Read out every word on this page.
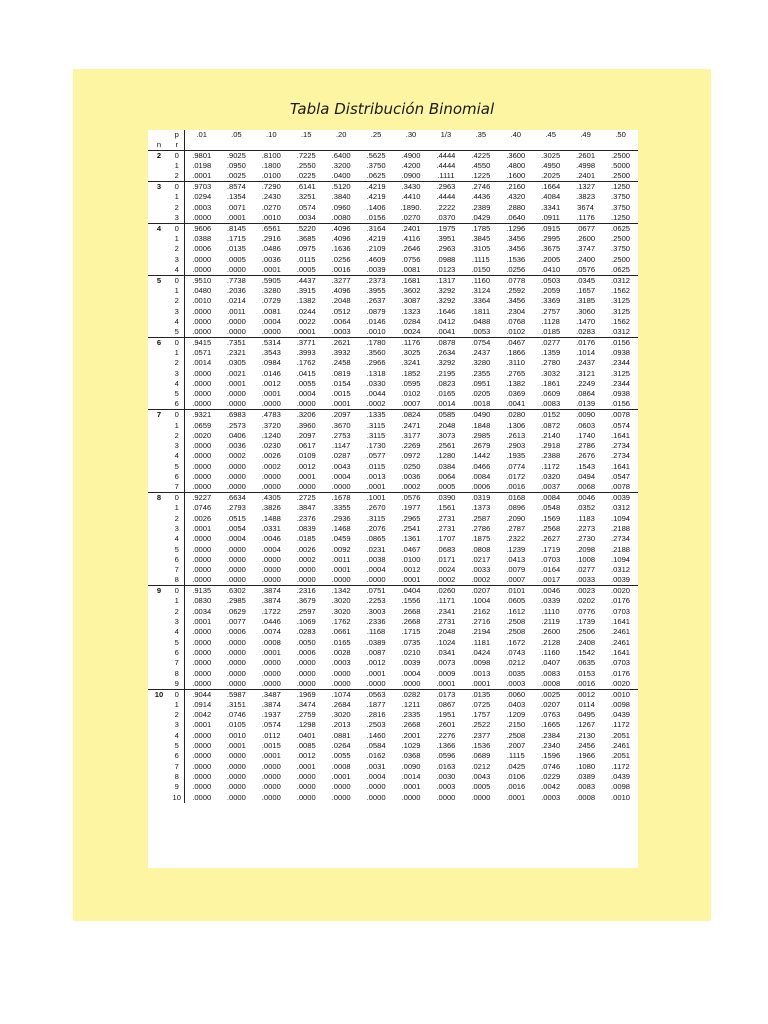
Tabla Distribución Binomial
	p	.01	.05	.10	.15	.20	.25	.30	1/3	.35	.40	.45	.49	.50
n	r													
2	0	.9801	.9025	.8100	.7225	.6400	.5625	.4900	.4444	.4225	.3600	.3025	.2601	.2500
	1	.0198	.0950	.1800	.2550	.3200	.3750	.4200	.4444	.4550	.4800	.4950	.4998	.5000
	2	.0001	.0025	.0100	.0225	.0400	.0625	.0900	.1111	.1225	.1600	.2025	.2401	.2500
3	0	.9703	.8574	.7290	.6141	.5120	.4219	.3430	.2963	.2746	.2160	.1664	.1327	.1250
	1	.0294	.1354	.2430	.3251	.3840	.4219	.4410	.4444	.4436	.4320	.4084	.3823	.3750
	2	.0003	.0071	.0270	.0574	.0960	.1406	.1890.	.2222	.2389	.2880	.3341	3674	.3750
	3	.0000	.0001	.0010	.0034	.0080	.0156	.0270	.0370	.0429	.0640	.0911	.1176	.1250
4	0	.9606	.8145	.6561	.5220	.4096	.3164	.2401	.1975	.1785	.1296	.0915	.0677	.0625
	1	.0388	.1715	.2916	.3685	.4096	.4219	.4116	.3951	.3845	.3456	.2995	.2600	.2500
	2	.0006	.0135	.0486	.0975	.1636	.2109	.2646	.2963	.3105	.3456	.3675	.3747	.3750
	3	.0000	.0005	.0036	.0115	.0256	.4609	.0756	.0988	.1115	.1536	.2005	.2400	.2500
	4	.0000	.0000	.0001	.0005	.0016	.0039	.0081	.0123	.0150	.0256	.0410	.0576	.0625
5	0	.9510	.7738	.5905	.4437	.3277	.2373	.1681	.1317	.1160	.0778	.0503	.0345	.0312
	1	.0480	.2036	.3280	.3915	.4096	.3955	.3602	.3292	.3124	.2592	.2059	.1657	.1562
	2	.0010	.0214	.0729	.1382	.2048	.2637	.3087	.3292	.3364	.3456	.3369	.3185	.3125
	3	.0000	.0011	.0081	.0244	.0512	.0879	.1323	.1646	.1811	.2304	.2757	.3060	.3125
	4	.0000	.0000	.0004	.0022	.0064	.0146	.0284	.0412	.0488	.0768	.1128	.1470	.1562
	5	.0000	.0000	.0000	.0001	.0003	.0010	.0024	.0041	.0053	.0102	.0185	.0283	.0312
6	0	.9415	.7351	.5314	.3771	.2621	.1780	.1176	.0878	.0754	.0467	.0277	.0176	.0156
	1	.0571	.2321	.3543	.3993	.3932	.3560	.3025	.2634	.2437	.1866	.1359	.1014	.0938
	2	.0014	.0305	.0984	.1762	.2458	.2966	.3241	.3292	.3280	.3110	.2780	.2437	.2344
	3	.0000	.0021	.0146	.0415	.0819	.1318	.1852	.2195	.2355	.2765	.3032	.3121	.3125
	4	.0000	.0001	.0012	.0055	.0154	.0330	.0595	.0823	.0951	.1382	.1861	.2249	.2344
	5	.0000	.0000	.0001	.0004	.0015	.0044	.0102	.0165	.0205	.0369	.0609	.0864	.0938
	6	.0000	.0000	.0000	.0000	.0001	.0002	.0007	.0014	.0018	.0041	.0083	.0139	.0156
7	0	.9321	.6983	.4783	.3206	.2097	.1335	.0824	.0585	.0490	.0280	.0152	.0090	.0078
	1	.0659	.2573	.3720	.3960	.3670	.3115	.2471	.2048	.1848	.1306	.0872	.0603	.0574
	2	.0020	.0406	.1240	.2097	.2753	.3115	.3177	.3073	.2985	.2613	.2140	.1740	.1641
	3	.0000	.0036	.0230	.0617	.1147	.1730	.2269	.2561	.2679	.2903	.2918	.2786	.2734
	4	.0000	.0002	.0026	.0109	.0287	.0577	.0972	.1280	.1442	.1935	.2388	.2676	.2734
	5	.0000	.0000	.0002	.0012	.0043	.0115	.0250	.0384	.0466	.0774	.1172	.1543	.1641
	6	.0000	.0000	.0000	.0001	.0004	.0013	.0036	.0064	.0084	.0172	.0320	.0494	.0547
	7	.0000	.0000	.0000	.0000	.0000	.0001	.0002	.0005	.0006	.0016	.0037	.0068	.0078
8	0	.9227	.6634	.4305	.2725	.1678	.1001	.0576	.0390	.0319	.0168	.0084	.0046	.0039
	1	.0746	.2793	.3826	.3847	.3355	.2670	.1977	.1561	.1373	.0896	.0548	.0352	.0312
	2	.0026	.0515	.1488	.2376	.2936	.3115	.2965	.2731	.2587	.2090	.1569	.1183	.1094
	3	.0001	.0054	.0331	.0839	.1468	.2076	.2541	.2731	.2786	.2787	.2568	.2273	.2188
	4	.0000	.0004	.0046	.0185	.0459	.0865	.1361	.1707	.1875	.2322	.2627	.2730	.2734
	5	.0000	.0000	.0004	.0026	.0092	.0231	.0467	.0683	.0808	.1239	.1719	.2098	.2188
	6	.0000	.0000	.0000	.0002	.0011	.0038	.0100	.0171	.0217	.0413	.0703	.1008	.1094
	7	.0000	.0000	.0000	.0000	.0001	.0004	.0012	.0024	.0033	.0079	.0164	.0277	.0312
	8	.0000	.0000	.0000	.0000	.0000	.0000	.0001	.0002	.0002	.0007	.0017	.0033	.0039
9	0	.9135	.6302	.3874	.2316	.1342	.0751	.0404	.0260	.0207	.0101	.0046	.0023	.0020
	1	.0830	.2985	.3874	.3679	.3020	.2253	.1556	.1171	.1004	.0605	.0339	.0202	.0176
	2	.0034	.0629	.1722	.2597	.3020	.3003	.2668	.2341	.2162	.1612	.1110	.0776	.0703
	3	.0001	.0077	.0446	.1069	.1762	.2336	.2668	.2731	.2716	.2508	.2119	.1739	.1641
	4	.0000	.0006	.0074	.0283	.0661	.1168	.1715	.2048	.2194	.2508	.2600	.2506	.2461
	5	.0000	.0000	.0008	.0050	.0165	.0389	.0735	.1024	.1181	.1672	.2128	.2408	.2461
	6	.0000	.0000	.0001	.0006	.0028	.0087	.0210	.0341	.0424	.0743	.1160	.1542	.1641
	7	.0000	.0000	.0000	.0000	.0003	.0012	.0039	.0073	.0098	.0212	.0407	.0635	.0703
	8	.0000	.0000	.0000	.0000	.0000	.0001	.0004	.0009	.0013	.0035	.0083	.0153	.0176
	9	.0000	.0000	.0000	.0000	.0000	.0000	.0000	.0001	.0001	.0003	.0008	.0016	.0020
10	0	.9044	.5987	.3487	.1969	.1074	.0563	.0282	.0173	.0135	.0060	.0025	.0012	.0010
	1	.0914	.3151	.3874	.3474	.2684	.1877	.1211	.0867	.0725	.0403	.0207	.0114	.0098
	2	.0042	.0746	.1937	.2759	.3020	.2816	.2335	.1951	.1757	.1209	.0763	.0495	.0439
	3	.0001	.0105	.0574	.1298	.2013	.2503	.2668	.2601	.2522	.2150	.1665	.1267	.1172
	4	.0000	.0010	.0112	.0401	.0881	.1460	.2001	.2276	.2377	.2508	.2384	.2130	.2051
	5	.0000	.0001	.0015	.0085	.0264	.0584	.1029	.1366	.1536	.2007	.2340	.2456	.2461
	6	.0000	.0000	.0001	.0012	.0055	.0162	.0368	.0596	.0689	.1115	.1596	.1966	.2051
	7	.0000	.0000	.0000	.0001	.0008	.0031	.0090	.0163	.0212	.0425	.0746	.1080	.1172
	8	.0000	.0000	.0000	.0000	.0001	.0004	.0014	.0030	.0043	.0106	.0229	.0389	.0439
	9	.0000	.0000	.0000	.0000	.0000	.0000	.0001	.0003	.0005	.0016	.0042	.0083	.0098
	10	.0000	.0000	.0000	.0000	.0000	.0000	.0000	.0000	.0000	.0001	.0003	.0008	.0010
